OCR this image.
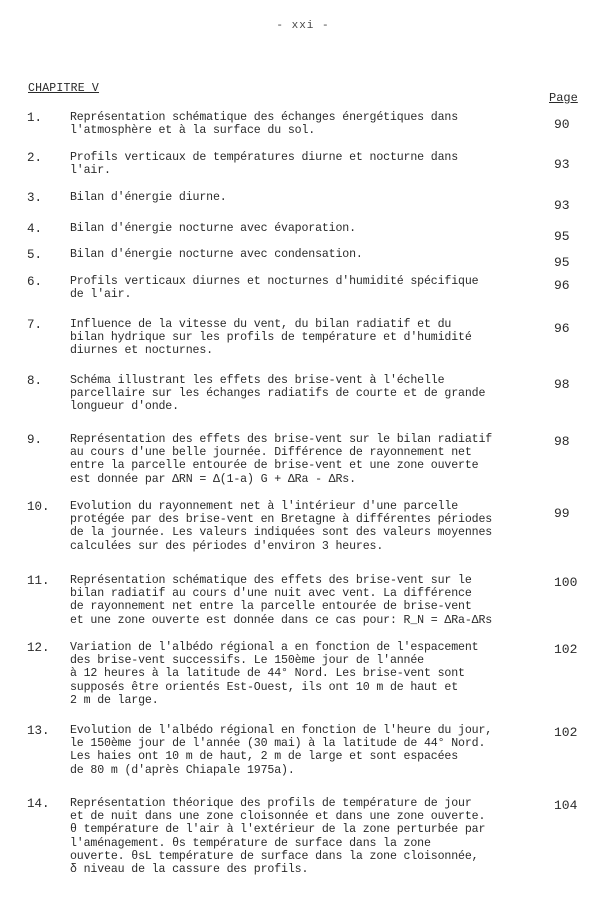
- xxi -
CHAPITRE V
Page
1.	Représentation schématique des échanges énergétiques dans
l'atmosphère et à la surface du sol.	90
2.	Profils verticaux de températures diurne et nocturne dans
l'air.	93
3.	Bilan d'énergie diurne.
93
4.	Bilan d'énergie nocturne avec évaporation.
95
5.	Bilan d'énergie nocturne avec condensation.
95
6.	Profils verticaux diurnes et nocturnes d'humidité spécifique
de l'air.
96
7.	Influence de la vitesse du vent, du bilan radiatif et du
bilan hydrique sur les profils de température et d'humidité
diurnes et nocturnes.
96
8.	Schéma illustrant les effets des brise-vent à l'échelle
parcellaire sur les échanges radiatifs de courte et de grande
longueur d'onde.
98
9.	Représentation des effets des brise-vent sur le bilan radiatif
au cours d'une belle journée. Différence de rayonnement net
entre la parcelle entourée de brise-vent et une zone ouverte
est donnée par ΔRN = Δ(1-a) G + ΔRa - ΔRs.
98
10.	Evolution du rayonnement net à l'intérieur d'une parcelle
protégée par des brise-vent en Bretagne à différentes périodes
de la journée. Les valeurs indiquées sont des valeurs moyennes
calculées sur des périodes d'environ 3 heures.
99
11.	Représentation schématique des effets des brise-vent sur le
bilan radiatif au cours d'une nuit avec vent. La différence
de rayonnement net entre la parcelle entourée de brise-vent
et une zone ouverte est donnée dans ce cas pour: R_N = ΔRa-ΔRs
100
12.	Variation de l'albédo régional a en fonction de l'espacement
des brise-vent successifs. Le 150ème jour de l'année
à 12 heures à la latitude de 44° Nord. Les brise-vent sont
supposés être orientés Est-Ouest, ils ont 10 m de haut et
2 m de large.
102
13.	Evolution de l'albédo régional en fonction de l'heure du jour,
le 150ème jour de l'année (30 mai) à la latitude de 44° Nord.
Les haies ont 10 m de haut, 2 m de large et sont espacées
de 80 m (d'après Chiapale 1975a).
102
14.	Représentation théorique des profils de température de jour
et de nuit dans une zone cloisonnée et dans une zone ouverte.
θ température de l'air à l'extérieur de la zone perturbée par
l'aménagement. θs température de surface dans la zone
ouverte. θsL température de surface dans la zone cloisonnée,
δ niveau de la cassure des profils.
104
